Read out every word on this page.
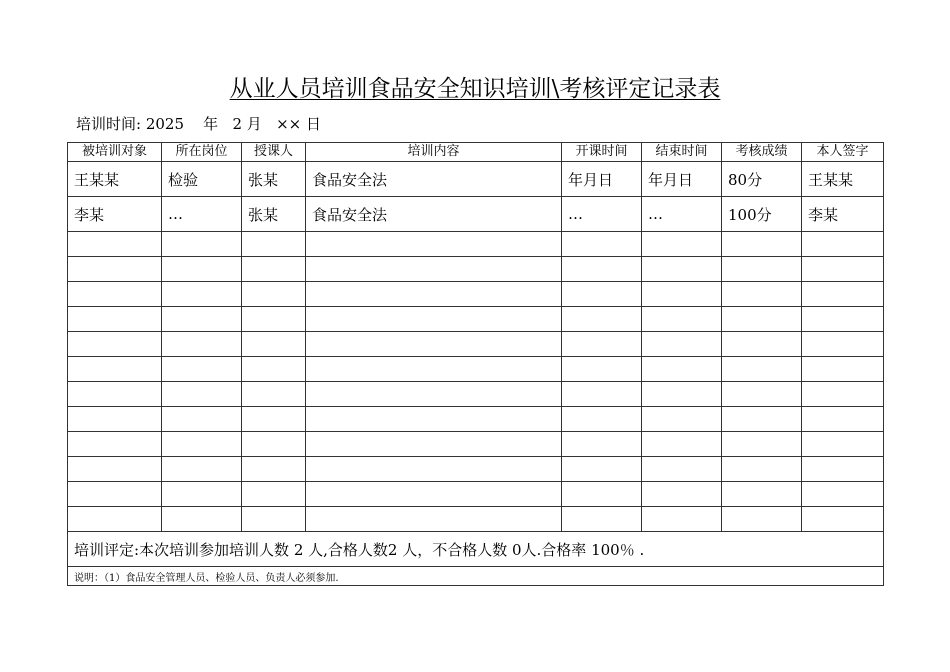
从业人员培训食品安全知识培训\考核评定记录表
培训时间: 2025 年 2 月 ×× 日
被培训对象	所在岗位	授课人	培训内容	开课时间	结束时间	考核成绩	本人签字
王某某	检验	张某	食品安全法	年月日	年月日	80分	王某某
李某	…	张某	食品安全法	…	…	100分	李某

培训评定:本次培训参加培训人数 2 人,合格人数2 人，不合格人数 0人.合格率 100％ .							
说明：（1）食品安全管理人员、检验人员、负责人必须参加.							
